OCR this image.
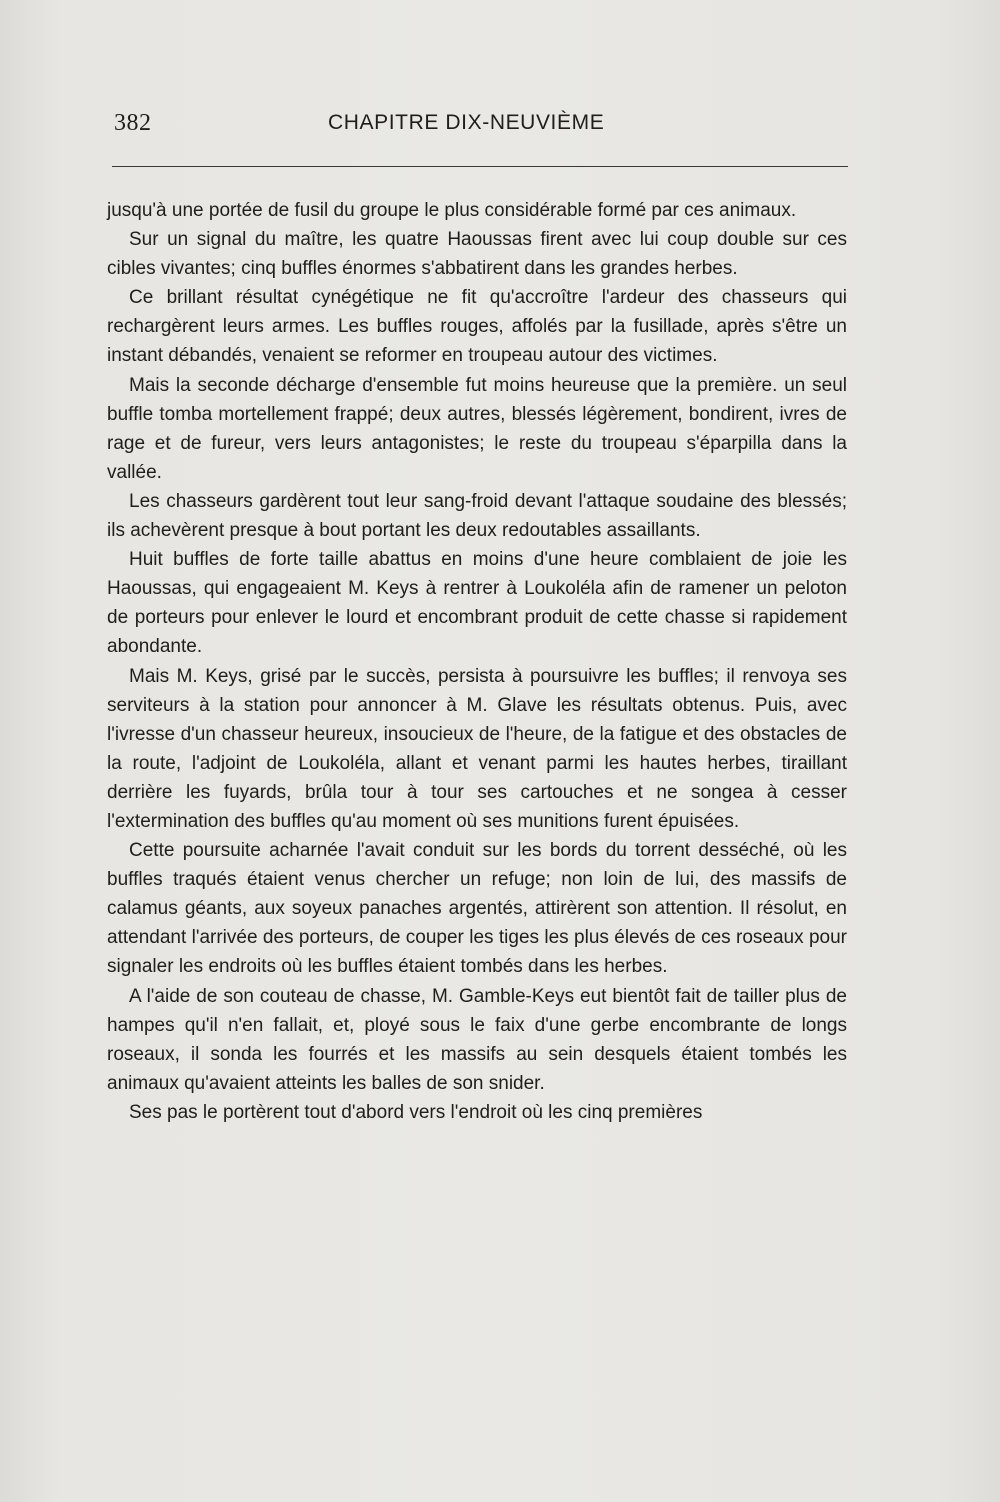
382	CHAPITRE DIX-NEUVIÈME

jusqu'à une portée de fusil du groupe le plus considérable formé par ces animaux.

Sur un signal du maître, les quatre Haoussas firent avec lui coup double sur ces cibles vivantes; cinq buffles énormes s'abbatirent dans les grandes herbes.

Ce brillant résultat cynégétique ne fit qu'accroître l'ardeur des chasseurs qui rechargèrent leurs armes. Les buffles rouges, affolés par la fusillade, après s'être un instant débandés, venaient se reformer en troupeau autour des victimes.

Mais la seconde décharge d'ensemble fut moins heureuse que la première. un seul buffle tomba mortellement frappé; deux autres, blessés légèrement, bondirent, ivres de rage et de fureur, vers leurs antagonistes; le reste du troupeau s'éparpilla dans la vallée.

Les chasseurs gardèrent tout leur sang-froid devant l'attaque soudaine des blessés; ils achevèrent presque à bout portant les deux redoutables assaillants.

Huit buffles de forte taille abattus en moins d'une heure comblaient de joie les Haoussas, qui engageaient M. Keys à rentrer à Loukoléla afin de ramener un peloton de porteurs pour enlever le lourd et encombrant produit de cette chasse si rapidement abondante.

Mais M. Keys, grisé par le succès, persista à poursuivre les buffles; il renvoya ses serviteurs à la station pour annoncer à M. Glave les résultats obtenus. Puis, avec l'ivresse d'un chasseur heureux, insoucieux de l'heure, de la fatigue et des obstacles de la route, l'adjoint de Loukoléla, allant et venant parmi les hautes herbes, tiraillant derrière les fuyards, brûla tour à tour ses cartouches et ne songea à cesser l'extermination des buffles qu'au moment où ses munitions furent épuisées.

Cette poursuite acharnée l'avait conduit sur les bords du torrent desséché, où les buffles traqués étaient venus chercher un refuge; non loin de lui, des massifs de calamus géants, aux soyeux panaches argentés, attirèrent son attention. Il résolut, en attendant l'arrivée des porteurs, de couper les tiges les plus élevés de ces roseaux pour signaler les endroits où les buffles étaient tombés dans les herbes.

A l'aide de son couteau de chasse, M. Gamble-Keys eut bientôt fait de tailler plus de hampes qu'il n'en fallait, et, ployé sous le faix d'une gerbe encombrante de longs roseaux, il sonda les fourrés et les massifs au sein desquels étaient tombés les animaux qu'avaient atteints les balles de son snider.

Ses pas le portèrent tout d'abord vers l'endroit où les cinq premières
